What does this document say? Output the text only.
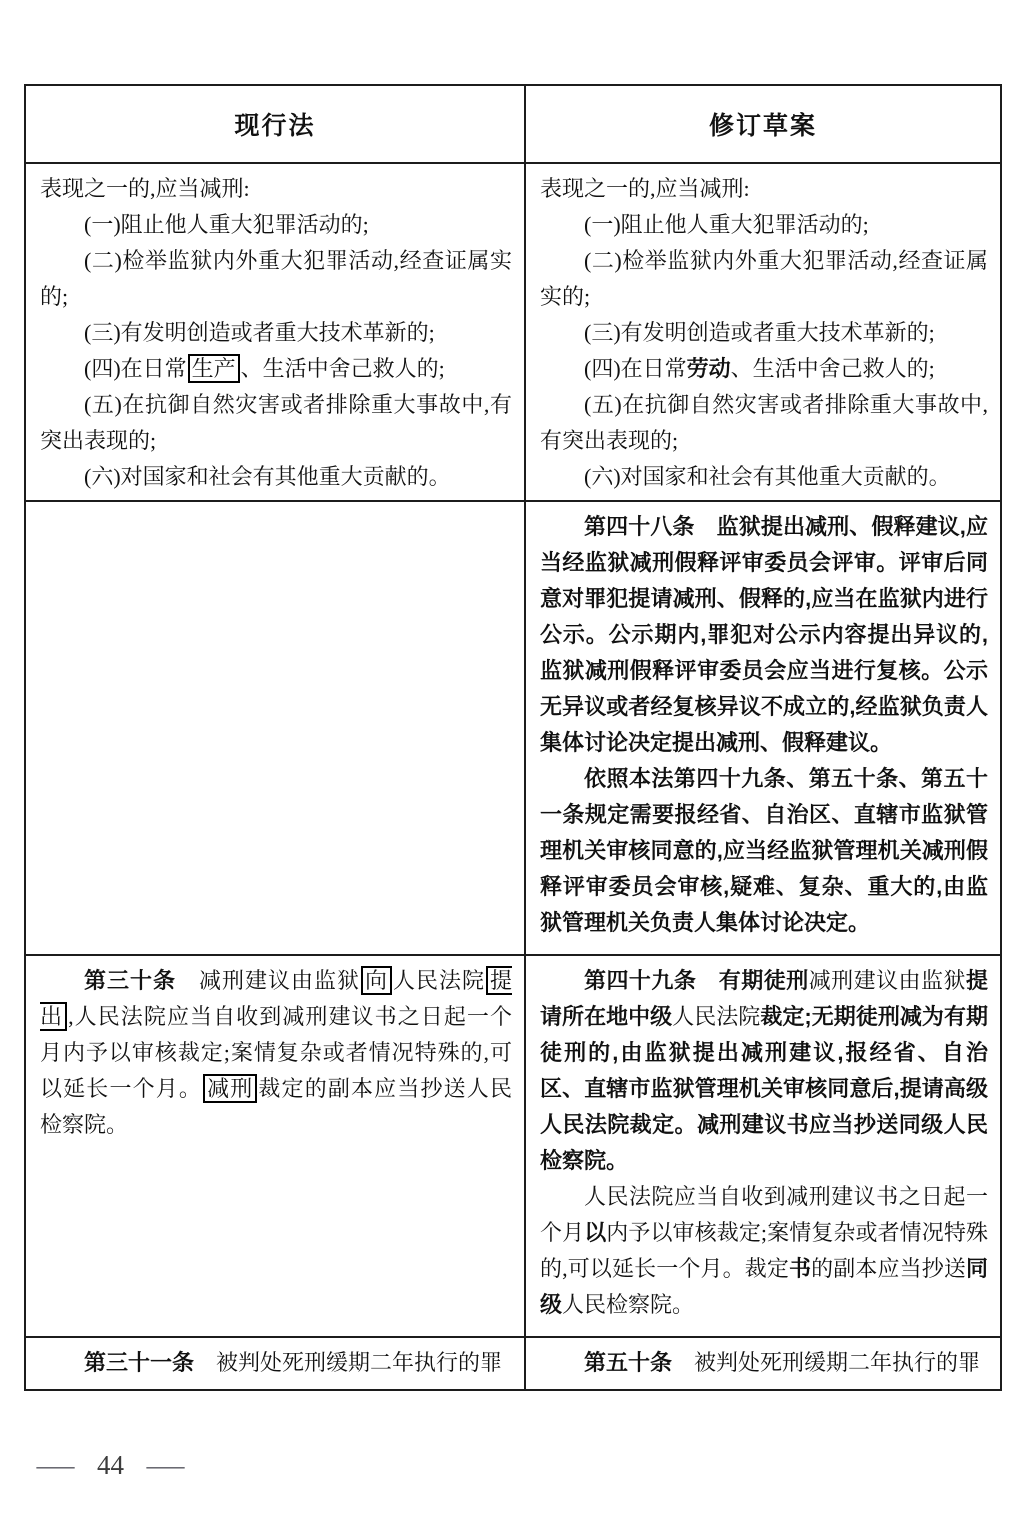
现行法	修订草案

表现之一的,应当减刑:

(一)阻止他人重大犯罪活动的;

(二)检举监狱内外重大犯罪活动,经查证属实的;

(三)有发明创造或者重大技术革新的;

(四)在日常 生产 、生活中舍己救人的;

(五)在抗御自然灾害或者排除重大事故中,有突出表现的;

(六)对国家和社会有其他重大贡献的。

表现之一的,应当减刑:

(一)阻止他人重大犯罪活动的;

(二)检举监狱内外重大犯罪活动,经查证属实的;

(三)有发明创造或者重大技术革新的;

(四)在日常劳动、生活中舍己救人的;

(五)在抗御自然灾害或者排除重大事故中,有突出表现的;

(六)对国家和社会有其他重大贡献的。

第四十八条　监狱提出减刑、假释建议,应当经监狱减刑假释评审委员会评审。评审后同意对罪犯提请减刑、假释的,应当在监狱内进行公示。公示期内,罪犯对公示内容提出异议的,监狱减刑假释评审委员会应当进行复核。公示无异议或者经复核异议不成立的,经监狱负责人集体讨论决定提出减刑、假释建议。

依照本法第四十九条、第五十条、第五十一条规定需要报经省、自治区、直辖市监狱管理机关审核同意的,应当经监狱管理机关减刑假释评审委员会审核,疑难、复杂、重大的,由监狱管理机关负责人集体讨论决定。

第三十条　减刑建议由监狱 向 人民法院 提出 ,人民法院应当自收到减刑建议书之日起一个月内予以审核裁定;案情复杂或者情况特殊的,可以延长一个月。 减刑 裁定的副本应当抄送人民检察院。

第四十九条　有期徒刑减刑建议由监狱提请所在地中级人民法院裁定;无期徒刑减为有期徒刑的,由监狱提出减刑建议,报经省、自治区、直辖市监狱管理机关审核同意后,提请高级人民法院裁定。减刑建议书应当抄送同级人民检察院。

人民法院应当自收到减刑建议书之日起一个月以内予以审核裁定;案情复杂或者情况特殊的,可以延长一个月。裁定书的副本应当抄送同级人民检察院。

第三十一条　被判处死刑缓期二年执行的罪	第五十条　被判处死刑缓期二年执行的罪

— 44 —
